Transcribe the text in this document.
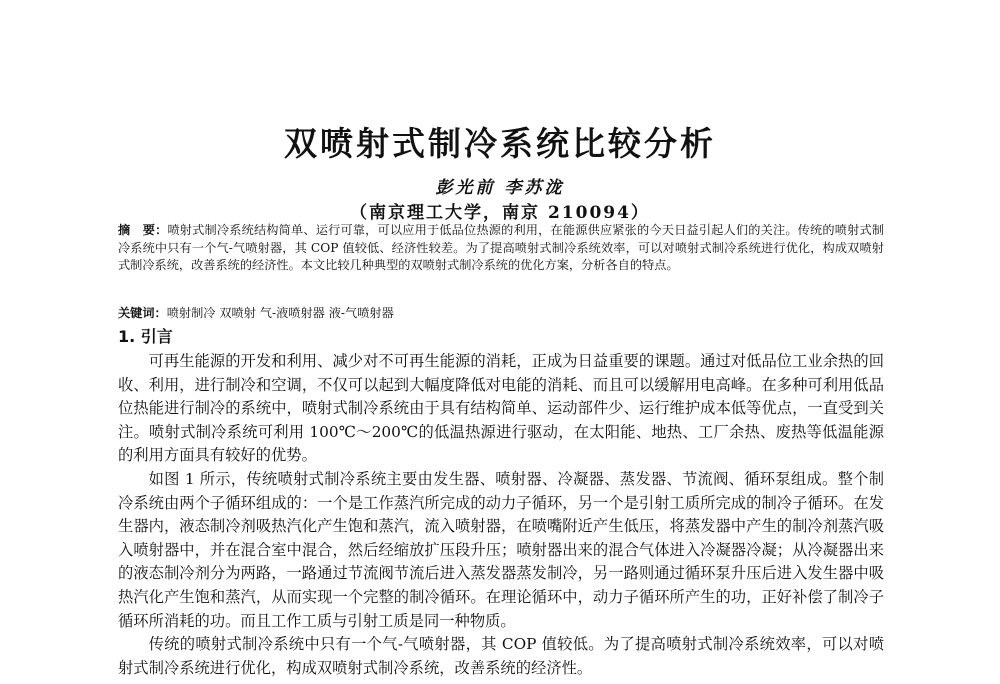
双喷射式制冷系统比较分析
彭光前 李苏泷
（南京理工大学，南京 210094）
摘　要：喷射式制冷系统结构简单、运行可靠，可以应用于低品位热源的利用，在能源供应紧张的今天日益引起人们的关注。传统的喷射式制冷系统中只有一个气-气喷射器，其 COP 值较低、经济性较差。为了提高喷射式制冷系统效率，可以对喷射式制冷系统进行优化，构成双喷射式制冷系统，改善系统的经济性。本文比较几种典型的双喷射式制冷系统的优化方案，分析各自的特点。
关键词：喷射制冷 双喷射 气-液喷射器 液-气喷射器
1. 引言

可再生能源的开发和利用、减少对不可再生能源的消耗，正成为日益重要的课题。通过对低品位工业余热的回收、利用，进行制冷和空调，不仅可以起到大幅度降低对电能的消耗、而且可以缓解用电高峰。在多种可利用低品位热能进行制冷的系统中，喷射式制冷系统由于具有结构简单、运动部件少、运行维护成本低等优点，一直受到关注。喷射式制冷系统可利用 100℃～200℃的低温热源进行驱动，在太阳能、地热、工厂余热、废热等低温能源的利用方面具有较好的优势。

如图 1 所示，传统喷射式制冷系统主要由发生器、喷射器、冷凝器、蒸发器、节流阀、循环泵组成。整个制冷系统由两个子循环组成的：一个是工作蒸汽所完成的动力子循环，另一个是引射工质所完成的制冷子循环。在发生器内，液态制冷剂吸热汽化产生饱和蒸汽，流入喷射器，在喷嘴附近产生低压，将蒸发器中产生的制冷剂蒸汽吸入喷射器中，并在混合室中混合，然后经缩放扩压段升压；喷射器出来的混合气体进入冷凝器冷凝；从冷凝器出来的液态制冷剂分为两路，一路通过节流阀节流后进入蒸发器蒸发制冷，另一路则通过循环泵升压后进入发生器中吸热汽化产生饱和蒸汽，从而实现一个完整的制冷循环。在理论循环中，动力子循环所产生的功，正好补偿了制冷子循环所消耗的功。而且工作工质与引射工质是同一种物质。

传统的喷射式制冷系统中只有一个气-气喷射器，其 COP 值较低。为了提高喷射式制冷系统效率，可以对喷射式制冷系统进行优化，构成双喷射式制冷系统，改善系统的经济性。
